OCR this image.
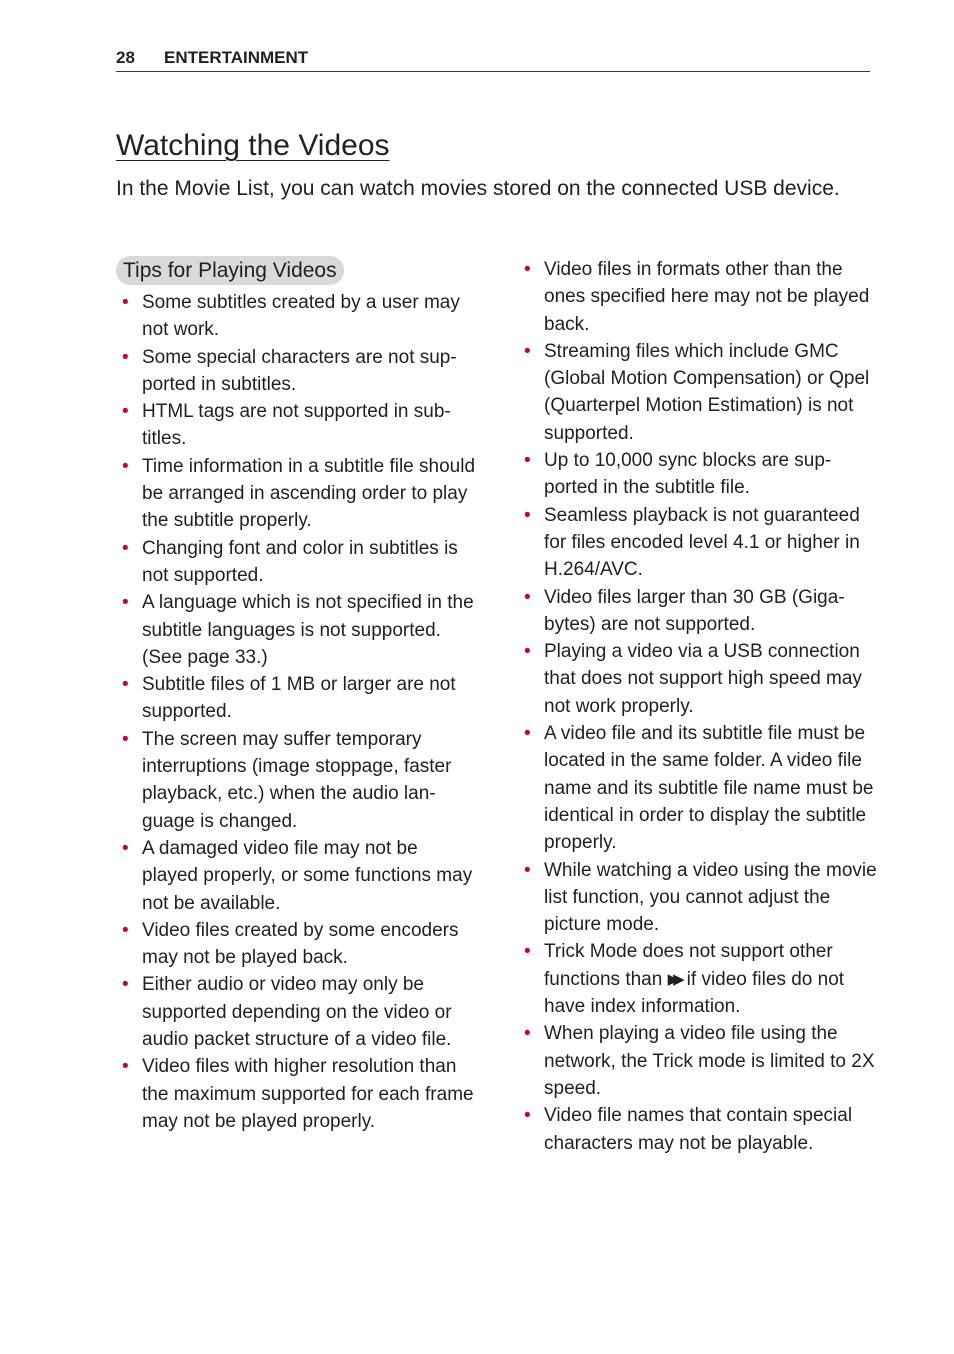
28 ENTERTAINMENT
Watching the Videos

In the Movie List, you can watch movies stored on the connected USB device.

Tips for Playing Videos
• Some subtitles created by a user may not work.
• Some special characters are not sup-ported in subtitles.
• HTML tags are not supported in sub-titles.
• Time information in a subtitle file should be arranged in ascending order to play the subtitle properly.
• Changing font and color in subtitles is not supported.
• A language which is not specified in the subtitle languages is not supported. (See page 33.)
• Subtitle files of 1 MB or larger are not supported.
• The screen may suffer temporary interruptions (image stoppage, faster playback, etc.) when the audio lan-guage is changed.
• A damaged video file may not be played properly, or some functions may not be available.
• Video files created by some encoders may not be played back.
• Either audio or video may only be supported depending on the video or audio packet structure of a video file.
• Video files with higher resolution than the maximum supported for each frame may not be played properly.
• Video files in formats other than the ones specified here may not be played back.
• Streaming files which include GMC (Global Motion Compensation) or Qpel (Quarterpel Motion Estimation) is not supported.
• Up to 10,000 sync blocks are sup-ported in the subtitle file.
• Seamless playback is not guaranteed for files encoded level 4.1 or higher in H.264/AVC.
• Video files larger than 30 GB (Giga-bytes) are not supported.
• Playing a video via a USB connection that does not support high speed may not work properly.
• A video file and its subtitle file must be located in the same folder. A video file name and its subtitle file name must be identical in order to display the subtitle properly.
• While watching a video using the movie list function, you cannot adjust the picture mode.
• Trick Mode does not support other functions than ▶▶ if video files do not have index information.
• When playing a video file using the network, the Trick mode is limited to 2X speed.
• Video file names that contain special characters may not be playable.
